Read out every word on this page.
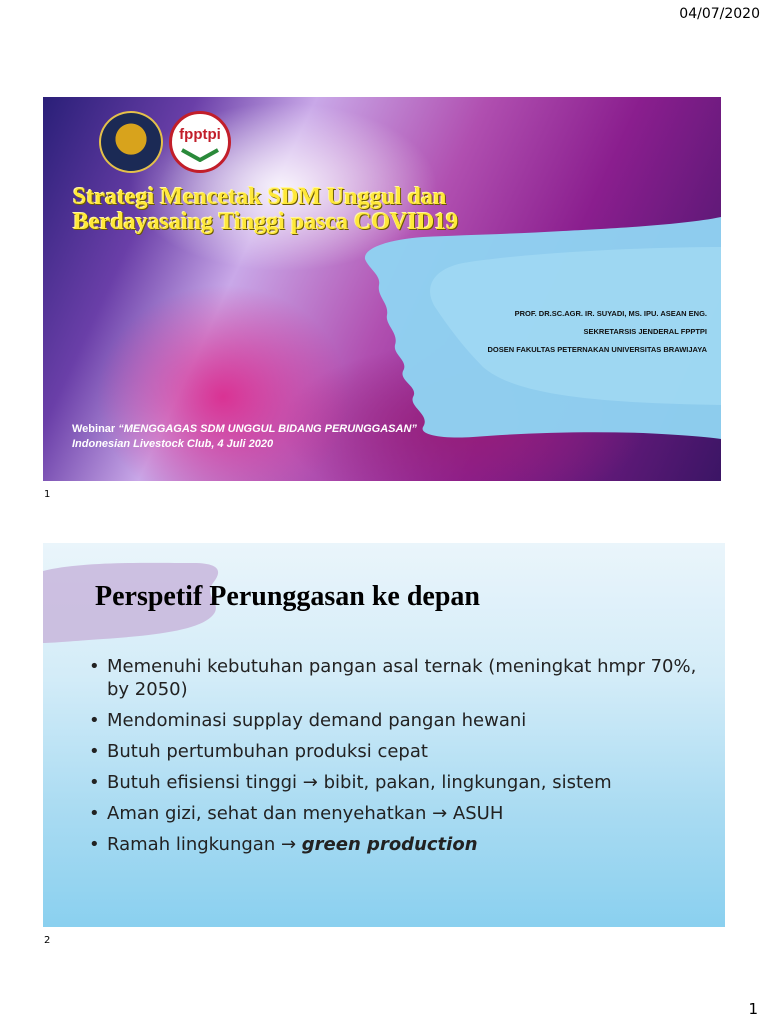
04/07/2020
fpptpi
Strategi Mencetak SDM Unggul dan
Berdayasaing Tinggi pasca COVID19
PROF. DR.SC.AGR. IR. SUYADI, MS. IPU. ASEAN ENG.
SEKRETARSIS JENDERAL FPPTPI
DOSEN FAKULTAS PETERNAKAN UNIVERSITAS BRAWIJAYA
Webinar “MENGGAGAS SDM UNGGUL BIDANG PERUNGGASAN”
Indonesian Livestock Club, 4 Juli 2020
1
Perspetif Perunggasan ke depan
• Memenuhi kebutuhan pangan asal ternak (meningkat hmpr 70%, by 2050)
• Mendominasi supplay demand pangan hewani
• Butuh pertumbuhan produksi cepat
• Butuh efisiensi tinggi → bibit, pakan, lingkungan, sistem
• Aman gizi, sehat dan menyehatkan → ASUH
• Ramah lingkungan → green production
2
1
